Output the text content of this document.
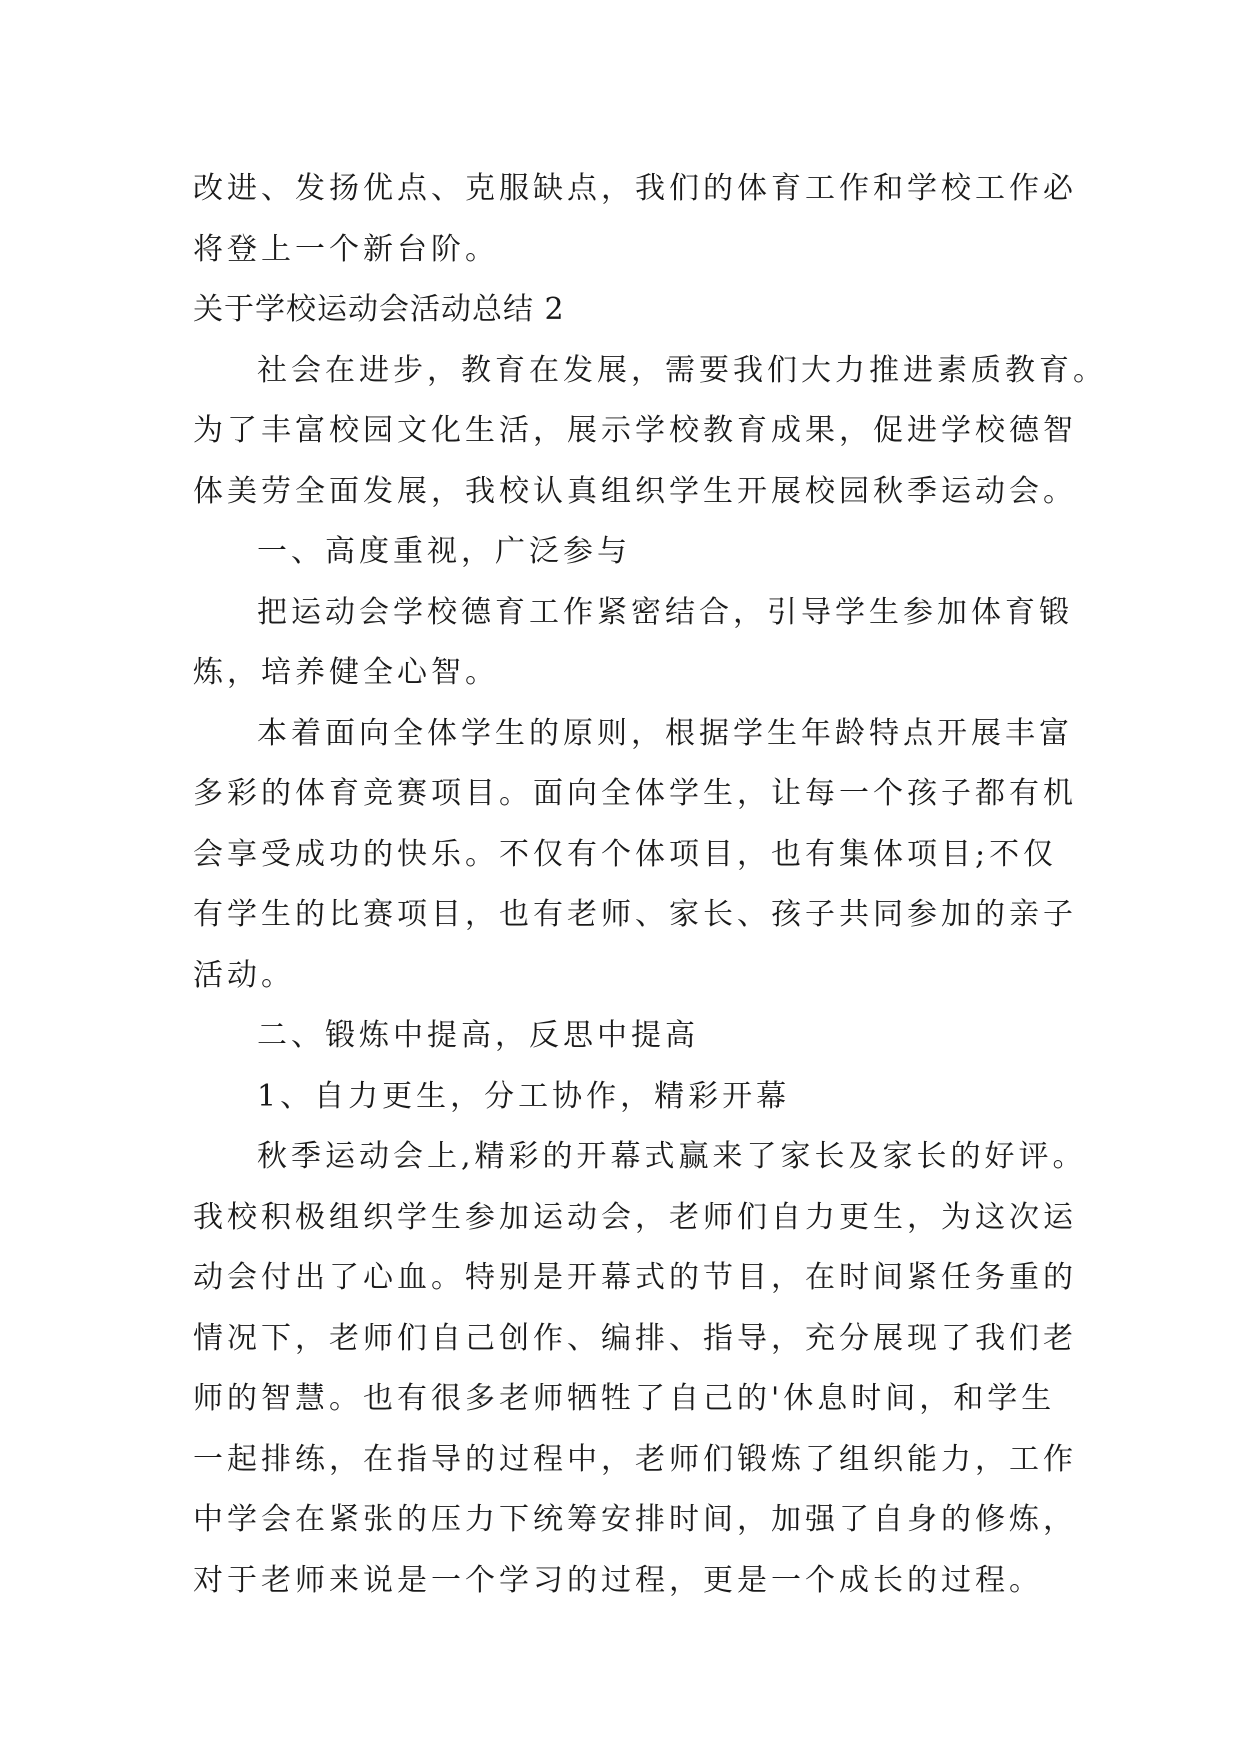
改进、发扬优点、克服缺点，我们的体育工作和学校工作必
将登上一个新台阶。
关于学校运动会活动总结 2
社会在进步，教育在发展，需要我们大力推进素质教育。
为了丰富校园文化生活，展示学校教育成果，促进学校德智
体美劳全面发展，我校认真组织学生开展校园秋季运动会。
一、高度重视，广泛参与
把运动会学校德育工作紧密结合，引导学生参加体育锻
炼，培养健全心智。
本着面向全体学生的原则，根据学生年龄特点开展丰富
多彩的体育竞赛项目。面向全体学生，让每一个孩子都有机
会享受成功的快乐。不仅有个体项目，也有集体项目;不仅
有学生的比赛项目，也有老师、家长、孩子共同参加的亲子
活动。
二、锻炼中提高，反思中提高
1、自力更生，分工协作，精彩开幕
秋季运动会上,精彩的开幕式赢来了家长及家长的好评。
我校积极组织学生参加运动会，老师们自力更生，为这次运
动会付出了心血。特别是开幕式的节目，在时间紧任务重的
情况下，老师们自己创作、编排、指导，充分展现了我们老
师的智慧。也有很多老师牺牲了自己的'休息时间，和学生
一起排练，在指导的过程中，老师们锻炼了组织能力，工作
中学会在紧张的压力下统筹安排时间，加强了自身的修炼，
对于老师来说是一个学习的过程，更是一个成长的过程。
